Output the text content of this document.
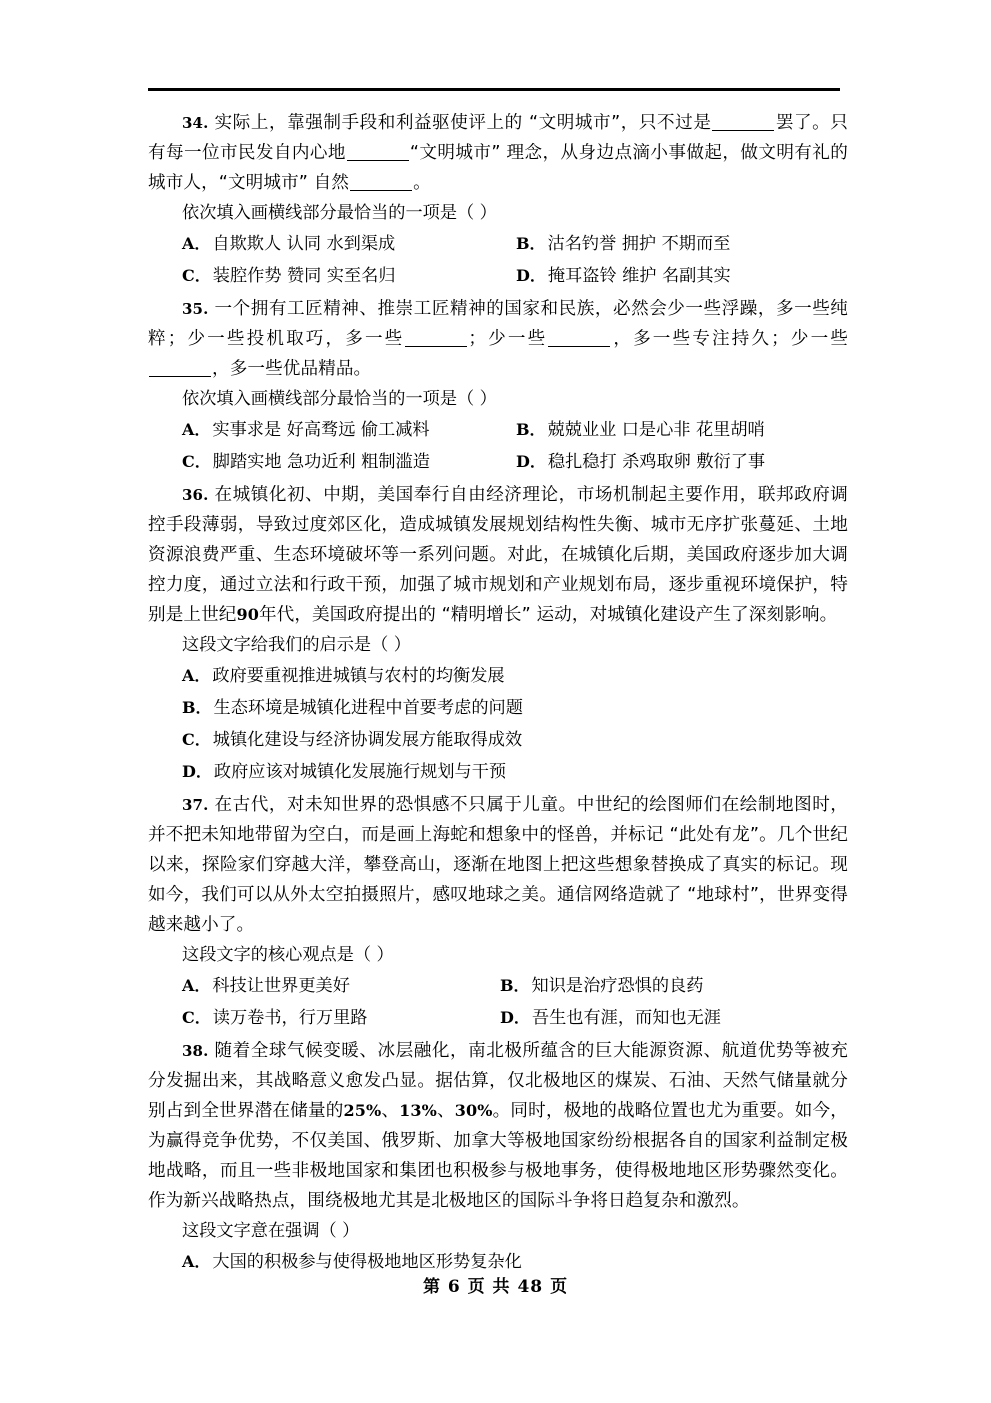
34. 实际上，靠强制手段和利益驱使评上的 “文明城市”，只不过是	罢了。只有每一位市民发自内心地	“文明城市” 理念，从身边点滴小事做起，做文明有礼的城市人，“文明城市” 自然	。

依次填入画横线部分最恰当的一项是（ ）

A． 自欺欺人 认同 水到渠成	B． 沽名钓誉 拥护 不期而至
C． 装腔作势 赞同 实至名归	D． 掩耳盗铃 维护 名副其实

35. 一个拥有工匠精神、推崇工匠精神的国家和民族，必然会少一些浮躁，多一些纯粹；少一些投机取巧，多一些	；少一些	，多一些专注持久；少一些，多一些优品精品。

依次填入画横线部分最恰当的一项是（ ）

A． 实事求是 好高骛远 偷工减料	B． 兢兢业业 口是心非 花里胡哨
C． 脚踏实地 急功近利 粗制滥造	D． 稳扎稳打 杀鸡取卵 敷衍了事

36. 在城镇化初、中期，美国奉行自由经济理论，市场机制起主要作用，联邦政府调控手段薄弱，导致过度郊区化，造成城镇发展规划结构性失衡、城市无序扩张蔓延、土地资源浪费严重、生态环境破坏等一系列问题。对此，在城镇化后期，美国政府逐步加大调控力度，通过立法和行政干预，加强了城市规划和产业规划布局，逐步重视环境保护，特别是上世纪90年代，美国政府提出的 “精明增长” 运动，对城镇化建设产生了深刻影响。

这段文字给我们的启示是（ ）

A． 政府要重视推进城镇与农村的均衡发展
B． 生态环境是城镇化进程中首要考虑的问题
C． 城镇化建设与经济协调发展方能取得成效
D． 政府应该对城镇化发展施行规划与干预

37. 在古代，对未知世界的恐惧感不只属于儿童。中世纪的绘图师们在绘制地图时，并不把未知地带留为空白，而是画上海蛇和想象中的怪兽，并标记 “此处有龙”。几个世纪以来，探险家们穿越大洋，攀登高山，逐渐在地图上把这些想象替换成了真实的标记。现如今，我们可以从外太空拍摄照片，感叹地球之美。通信网络造就了 “地球村”，世界变得越来越小了。

这段文字的核心观点是（ ）

A． 科技让世界更美好	B． 知识是治疗恐惧的良药
C． 读万卷书，行万里路	D． 吾生也有涯，而知也无涯

38. 随着全球气候变暖、冰层融化，南北极所蕴含的巨大能源资源、航道优势等被充分发掘出来，其战略意义愈发凸显。据估算，仅北极地区的煤炭、石油、天然气储量就分别占到全世界潜在储量的25%、13%、30%。同时，极地的战略位置也尤为重要。如今，为赢得竞争优势，不仅美国、俄罗斯、加拿大等极地国家纷纷根据各自的国家利益制定极地战略，而且一些非极地国家和集团也积极参与极地事务，使得极地地区形势骤然变化。作为新兴战略热点，围绕极地尤其是北极地区的国际斗争将日趋复杂和激烈。

这段文字意在强调（ ）

A． 大国的积极参与使得极地地区形势复杂化
第 6 页 共 48 页
